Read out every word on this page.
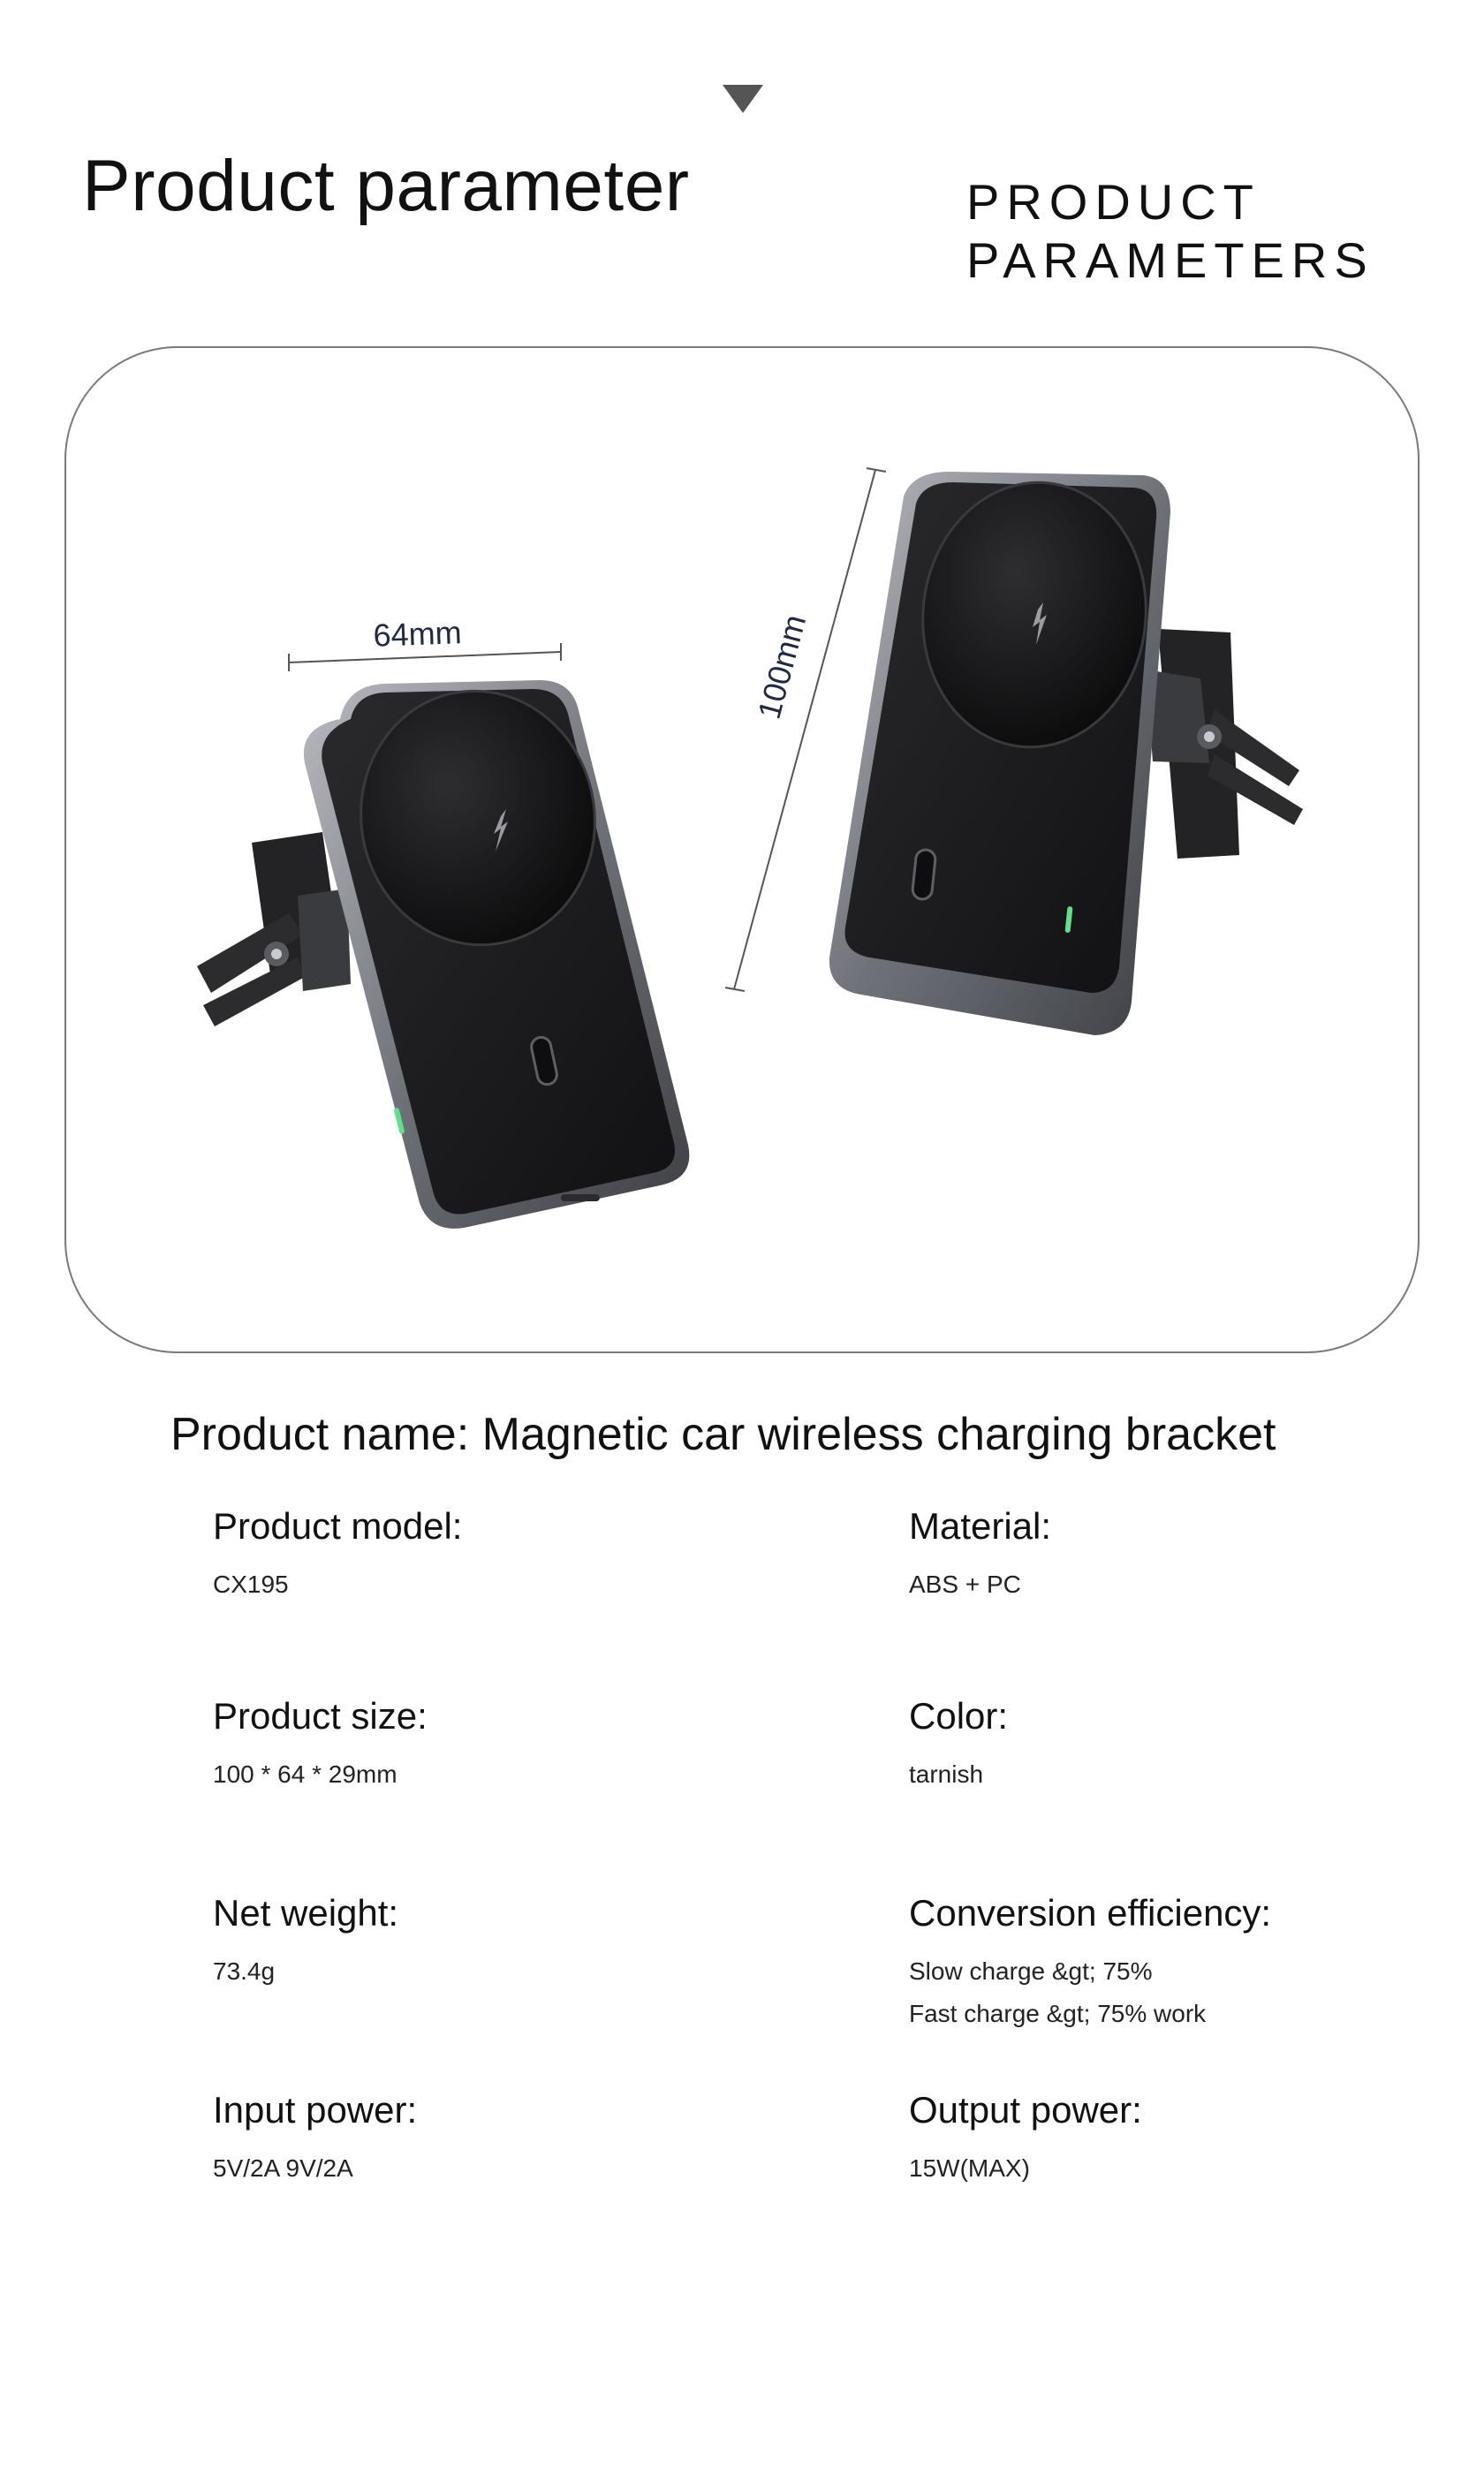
Product parameter	PRODUCT
PARAMETERS
64mm	100mm
Product name: Magnetic car wireless charging bracket
Product model:
CX195
Material:
ABS + PC
Product size:
100 * 64 * 29mm
Color:
tarnish
Net weight:
73.4g
Conversion efficiency:
Slow charge &gt; 75%
Fast charge &gt; 75% work
Input power:
5V/2A 9V/2A
Output power:
15W(MAX)
